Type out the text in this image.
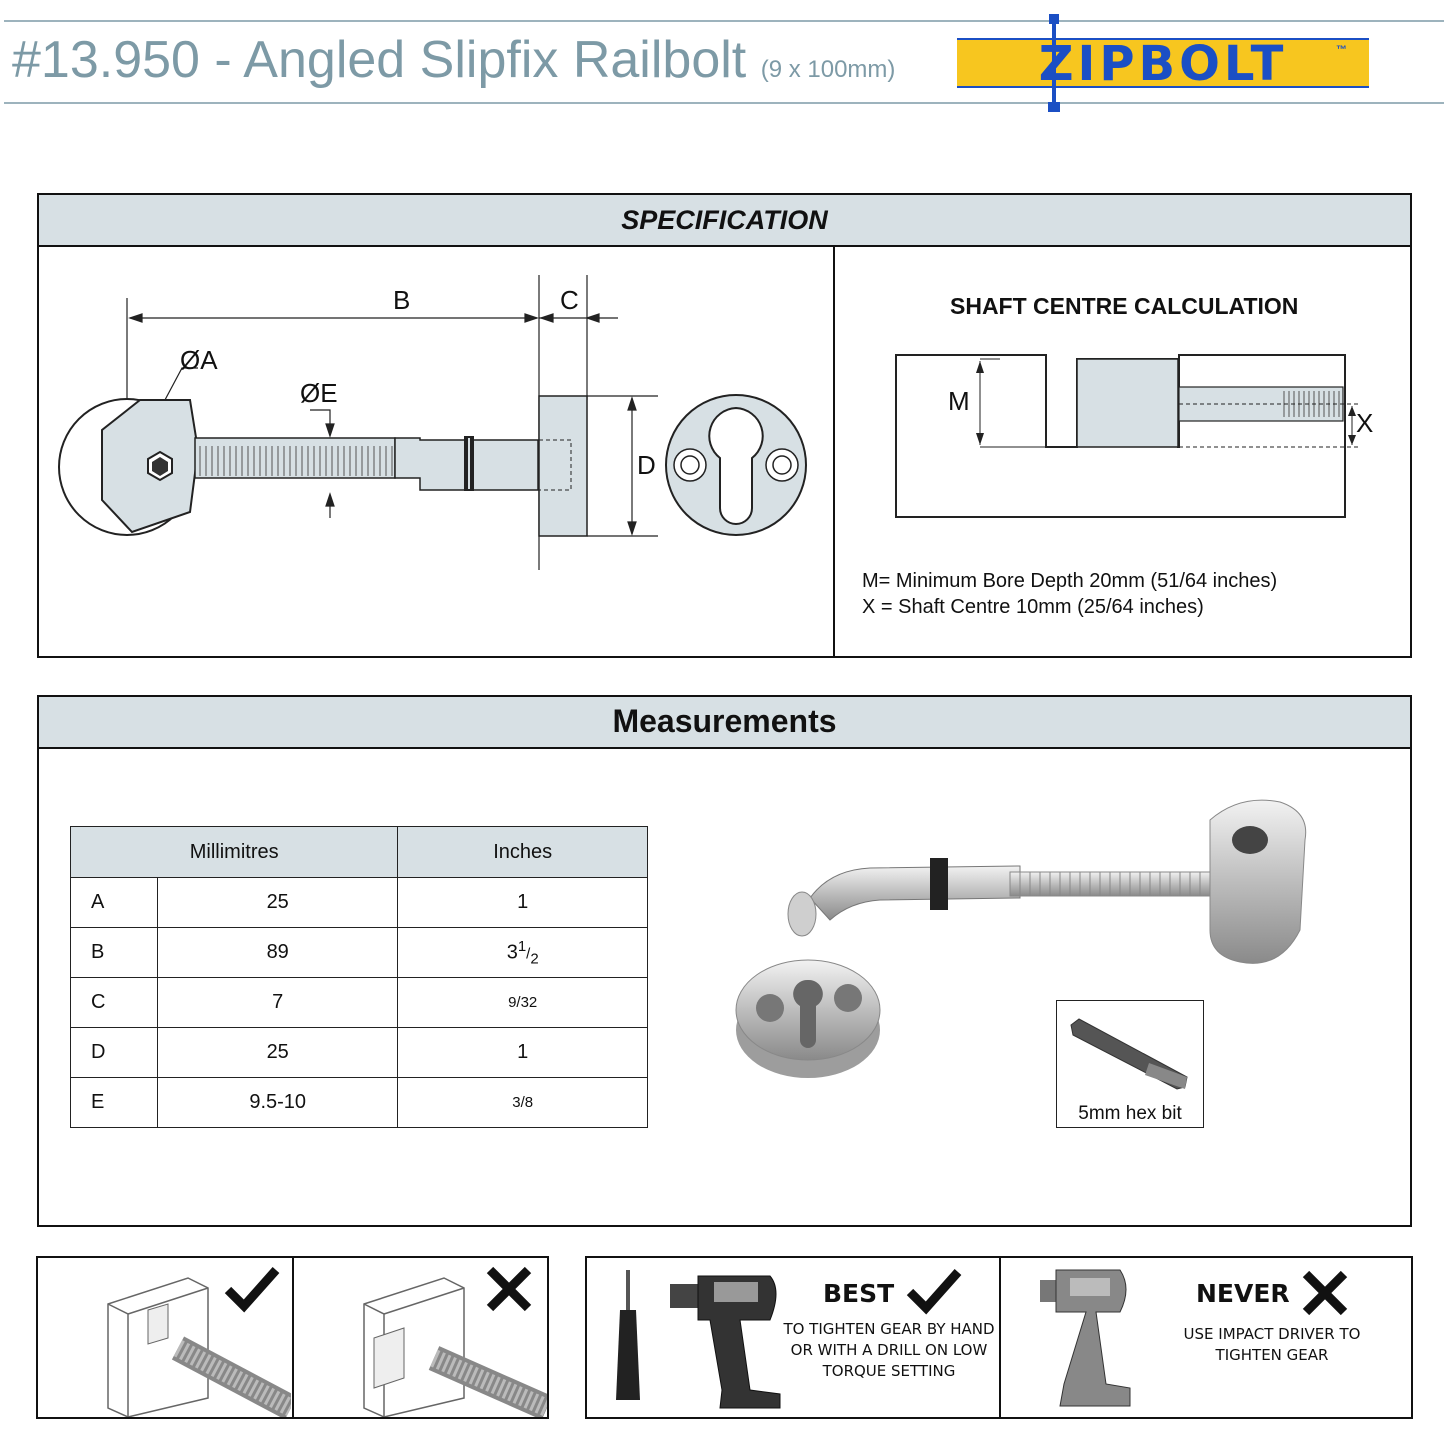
#13.950 - Angled Slipfix Railbolt (9 x 100mm)	ZIPBOLT	™
SPECIFICATION
B	C
ØA
ØE
D
SHAFT CENTRE CALCULATION
M
X
M= Minimum Bore Depth 20mm (51/64 inches)
X = Shaft Centre 10mm (25/64 inches)
Measurements
Millimitres		Inches
A	25	1
B	89	$3^1/_2$
C	7	9/32
D	25	1
E	9.5-10	3/8
5mm hex bit
BEST
TO TIGHTEN GEAR BY HAND
OR WITH A DRILL ON LOW
TORQUE SETTING
NEVER
USE IMPACT DRIVER TO
TIGHTEN GEAR
